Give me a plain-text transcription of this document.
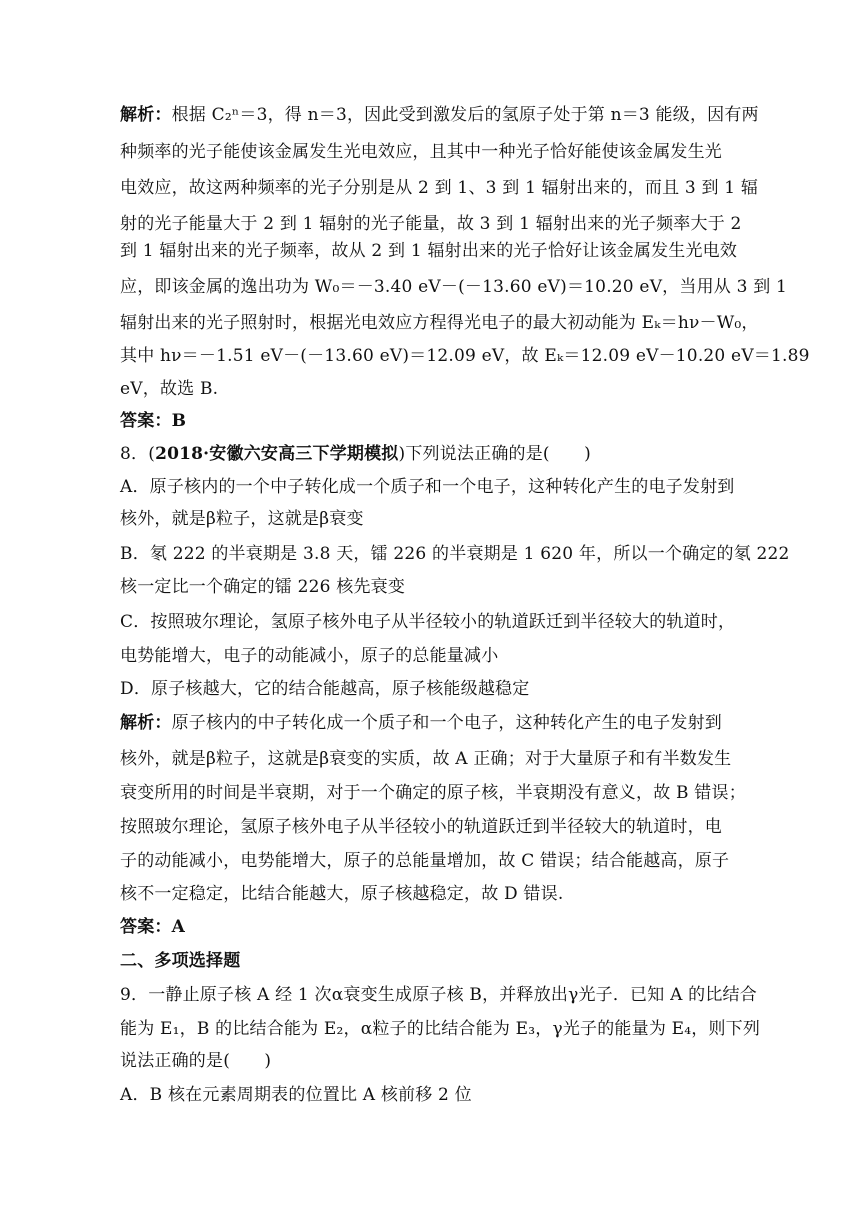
解析：根据 C₂ⁿ＝3，得 n＝3，因此受到激发后的氢原子处于第 n＝3 能级，因有两
种频率的光子能使该金属发生光电效应，且其中一种光子恰好能使该金属发生光
电效应，故这两种频率的光子分别是从 2 到 1、3 到 1 辐射出来的，而且 3 到 1 辐
射的光子能量大于 2 到 1 辐射的光子能量，故 3 到 1 辐射出来的光子频率大于 2
到 1 辐射出来的光子频率，故从 2 到 1 辐射出来的光子恰好让该金属发生光电效
应，即该金属的逸出功为 W₀＝－3.40 eV－(－13.60 eV)＝10.20 eV，当用从 3 到 1
辐射出来的光子照射时，根据光电效应方程得光电子的最大初动能为 Eₖ＝hν－W₀，
其中 hν＝－1.51 eV－(－13.60 eV)＝12.09 eV，故 Eₖ＝12.09 eV－10.20 eV＝1.89
eV，故选 B.
答案：B
8．(2018·安徽六安高三下学期模拟)下列说法正确的是(　　)
A．原子核内的一个中子转化成一个质子和一个电子，这种转化产生的电子发射到
核外，就是β粒子，这就是β衰变
B．氡 222 的半衰期是 3.8 天，镭 226 的半衰期是 1 620 年，所以一个确定的氡 222
核一定比一个确定的镭 226 核先衰变
C．按照玻尔理论，氢原子核外电子从半径较小的轨道跃迁到半径较大的轨道时，
电势能增大，电子的动能减小，原子的总能量减小
D．原子核越大，它的结合能越高，原子核能级越稳定
解析：原子核内的中子转化成一个质子和一个电子，这种转化产生的电子发射到
核外，就是β粒子，这就是β衰变的实质，故 A 正确；对于大量原子和有半数发生
衰变所用的时间是半衰期，对于一个确定的原子核，半衰期没有意义，故 B 错误；
按照玻尔理论，氢原子核外电子从半径较小的轨道跃迁到半径较大的轨道时，电
子的动能减小，电势能增大，原子的总能量增加，故 C 错误；结合能越高，原子
核不一定稳定，比结合能越大，原子核越稳定，故 D 错误.
答案：A
二、多项选择题
9．一静止原子核 A 经 1 次α衰变生成原子核 B，并释放出γ光子．已知 A 的比结合
能为 E₁，B 的比结合能为 E₂，α粒子的比结合能为 E₃，γ光子的能量为 E₄，则下列
说法正确的是(　　)
A．B 核在元素周期表的位置比 A 核前移 2 位
